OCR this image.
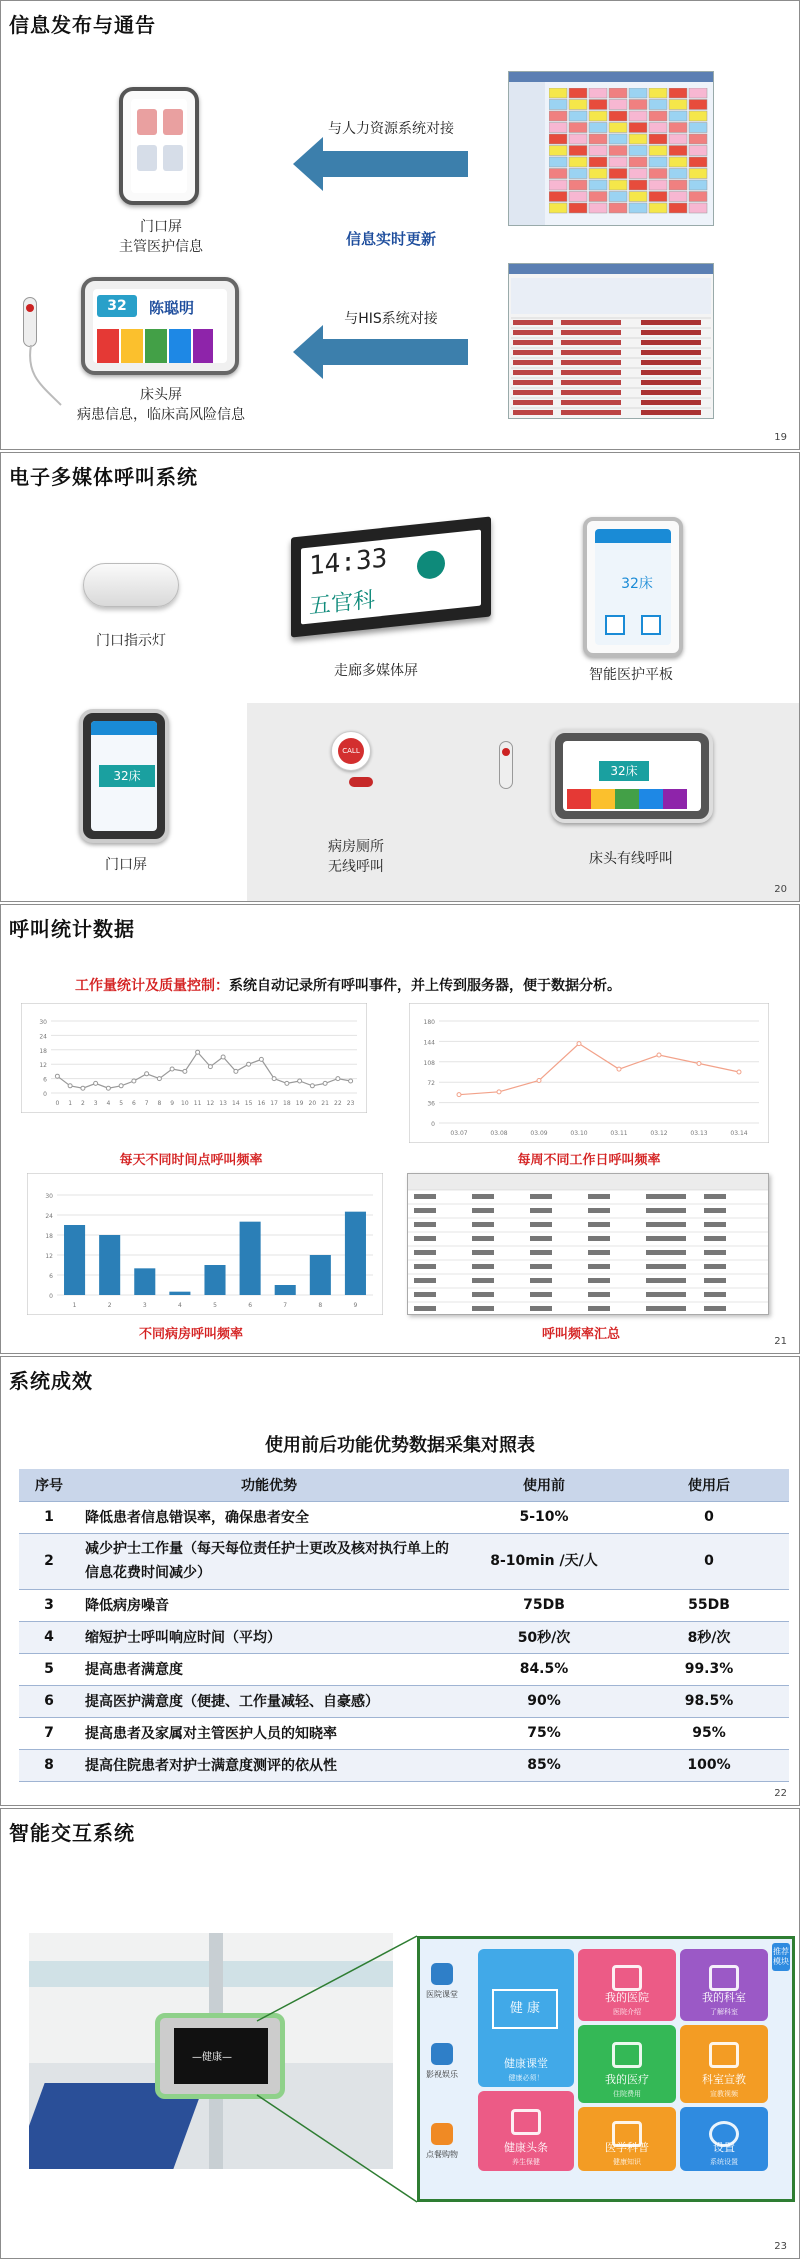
信息发布与通告
门口屏
主管医护信息
与人力资源系统对接
信息实时更新
与HIS系统对接
32	陈聪明
床头屏
病患信息，临床高风险信息
19
电子多媒体呼叫系统
门口指示灯
14:33
五官科
走廊多媒体屏
32床
智能医护平板
32床
门口屏
CALL
病房厕所
无线呼叫
32床
床头有线呼叫
20
呼叫统计数据
工作量统计及质量控制：系统自动记录所有呼叫事件，并上传到服务器，便于数据分析。
0
6
12
18
24
30
0 1 2 3 4 5 6 7 8 9 10 11 12 13 14 15 16 17 18 19 20 21 22 23
每天不同时间点呼叫频率
0
36
72
108
144
180
03.07	03.08	03.09	03.10	03.11	03.12	03.13	03.14
每周不同工作日呼叫频率
0
6
12
18
24
30
1	2	3	4	5	6	7	8	9
不同病房呼叫频率	呼叫频率汇总	21
系统成效
使用前后功能优势数据采集对照表
序号	功能优势	使用前	使用后
1	降低患者信息错误率，确保患者安全	5-10%	0
2	减少护士工作量（每天每位责任护士更改及核对执行单上的信息花费时间减少）	8-10min /天/人	0
3	降低病房噪音	75DB	55DB
4	缩短护士呼叫响应时间（平均）	50秒/次	8秒/次
5	提高患者满意度	84.5%	99.3%
6	提高医护满意度（便捷、工作量减轻、自豪感）	90%	98.5%
7	提高患者及家属对主管医护人员的知晓率	75%	95%
8	提高住院患者对护士满意度测评的依从性	85%	100%
22
智能交互系统
—健康—
医院课堂
影视娱乐
点餐购物
健 康
健康课堂
健康必须！
我的医院
医院介绍
我的科室
了解科室
我的医疗
住院费用
科室宣教
宣教视频
健康头条
养生保健
医学科普
健康知识
设置
系统设置
推荐模块
23
